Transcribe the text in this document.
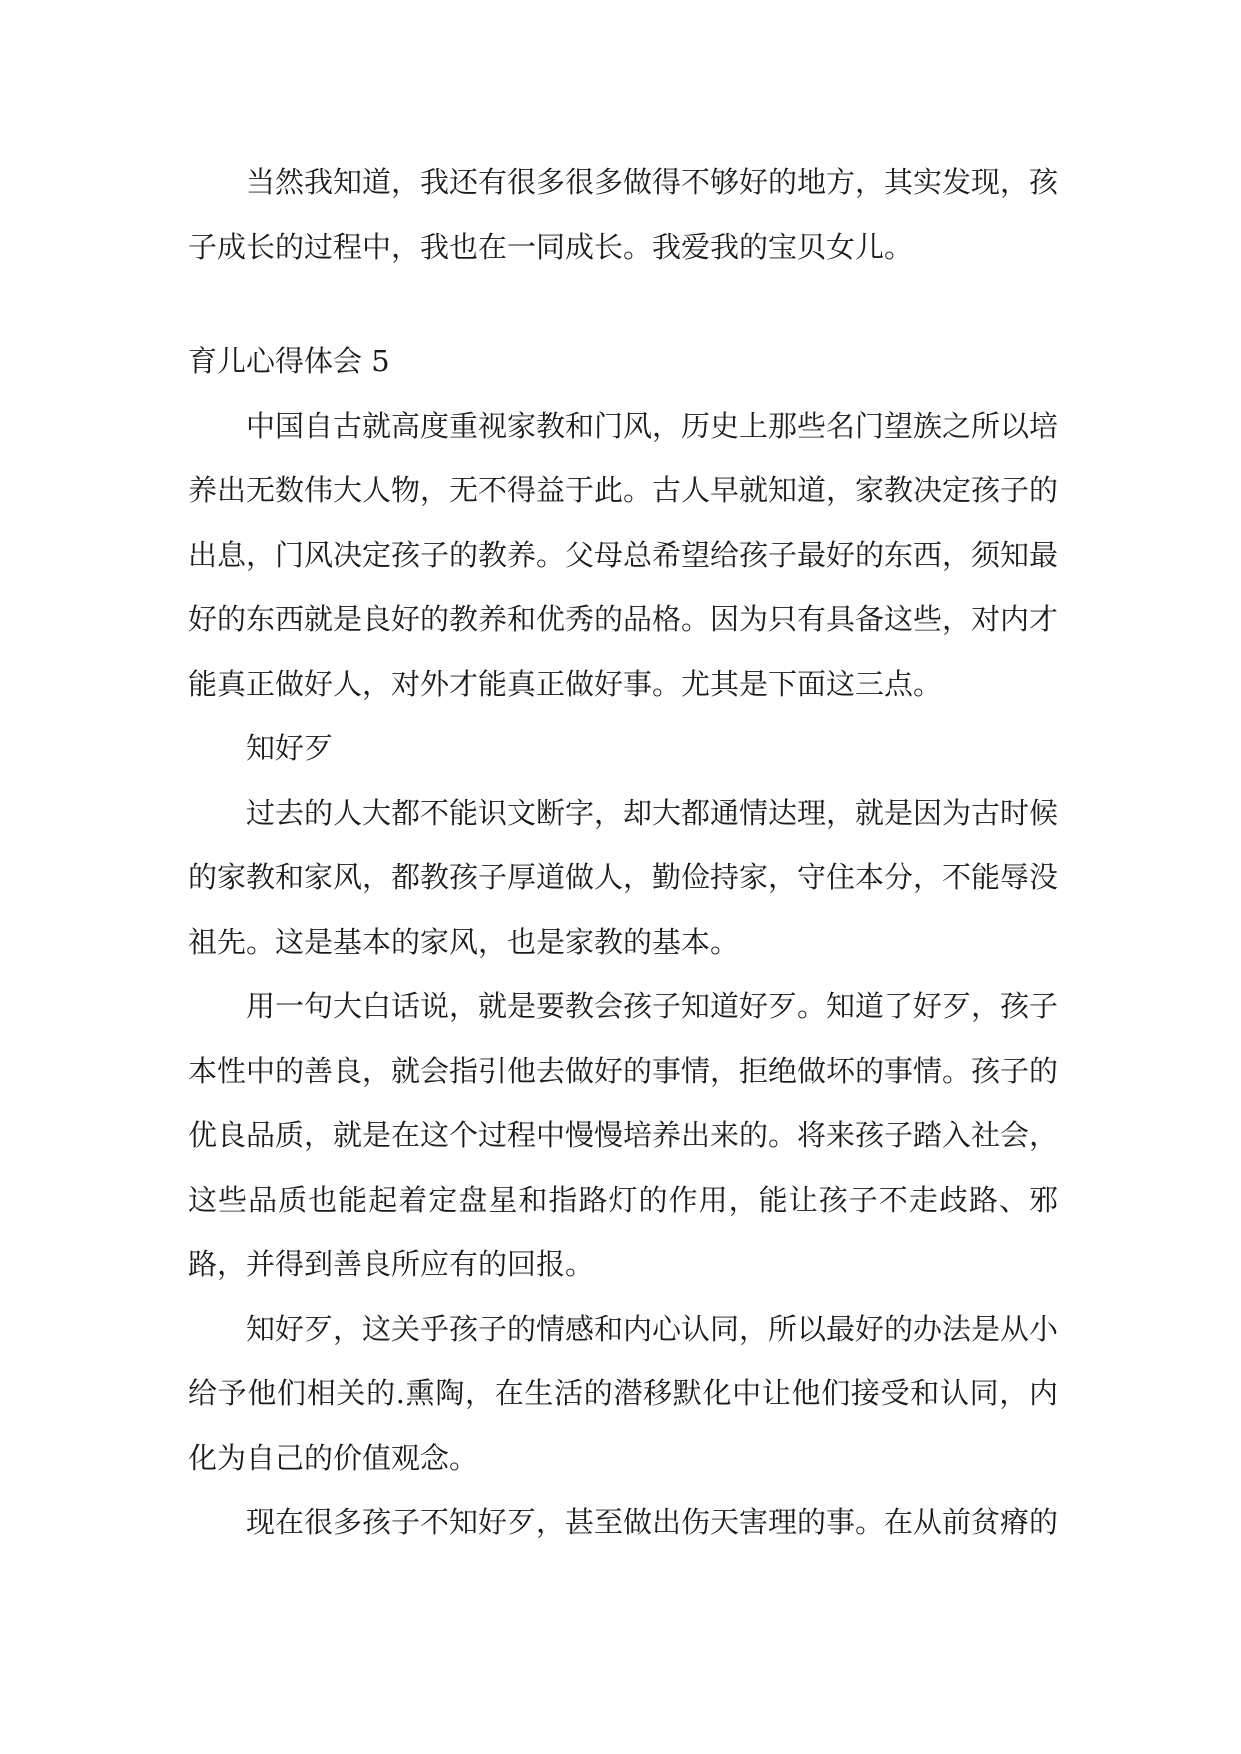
当然我知道，我还有很多很多做得不够好的地方，其实发现，孩子成长的过程中，我也在一同成长。我爱我的宝贝女儿。

育儿心得体会 5

中国自古就高度重视家教和门风，历史上那些名门望族之所以培养出无数伟大人物，无不得益于此。古人早就知道，家教决定孩子的出息，门风决定孩子的教养。父母总希望给孩子最好的东西，须知最好的东西就是良好的教养和优秀的品格。因为只有具备这些，对内才能真正做好人，对外才能真正做好事。尤其是下面这三点。

知好歹

过去的人大都不能识文断字，却大都通情达理，就是因为古时候的家教和家风，都教孩子厚道做人，勤俭持家，守住本分，不能辱没祖先。这是基本的家风，也是家教的基本。

用一句大白话说，就是要教会孩子知道好歹。知道了好歹，孩子本性中的善良，就会指引他去做好的事情，拒绝做坏的事情。孩子的优良品质，就是在这个过程中慢慢培养出来的。将来孩子踏入社会，这些品质也能起着定盘星和指路灯的作用，能让孩子不走歧路、邪路，并得到善良所应有的回报。

知好歹，这关乎孩子的情感和内心认同，所以最好的办法是从小给予他们相关的.熏陶，在生活的潜移默化中让他们接受和认同，内化为自己的价值观念。

现在很多孩子不知好歹，甚至做出伤天害理的事。在从前贫瘠的
